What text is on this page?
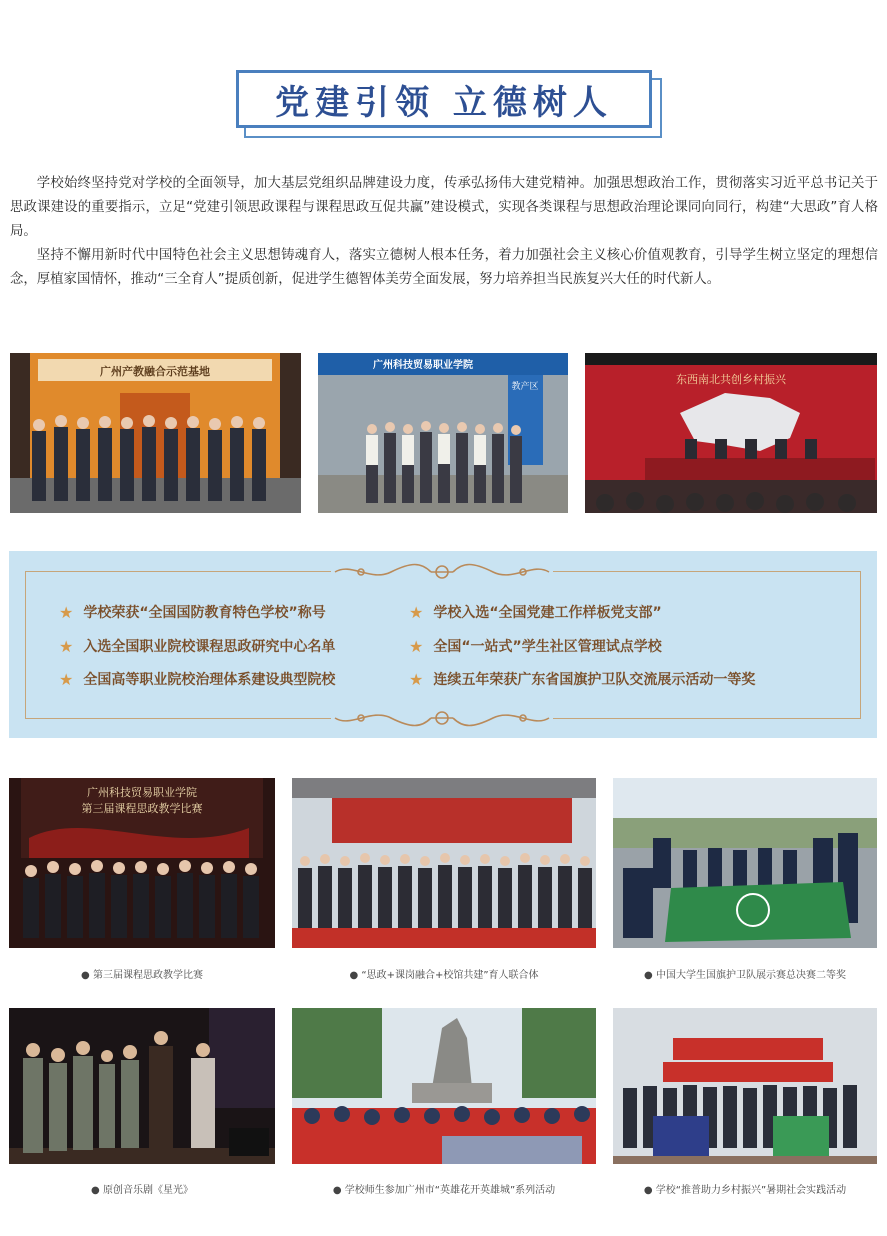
党建引领 立德树人

学校始终坚持党对学校的全面领导，加大基层党组织品牌建设力度，传承弘扬伟大建党精神。加强思想政治工作，贯彻落实习近平总书记关于思政课建设的重要指示，立足“党建引领思政课程与课程思政互促共赢”建设模式，实现各类课程与思想政治理论课同向同行，构建“大思政”育人格局。

坚持不懈用新时代中国特色社会主义思想铸魂育人，落实立德树人根本任务，着力加强社会主义核心价值观教育，引导学生树立坚定的理想信念，厚植家国情怀，推动“三全育人”提质创新，促进学生德智体美劳全面发展，努力培养担当民族复兴大任的时代新人。

广州产教融合示范基地	广州科技贸易职业学院
教产区
东西南北共创乡村振兴
★ 学校荣获“全国国防教育特色学校”称号
★ 入选全国职业院校课程思政研究中心名单
★ 全国高等职业院校治理体系建设典型院校
★ 学校入选“全国党建工作样板党支部”
★ 全国“一站式”学生社区管理试点学校
★ 连续五年荣获广东省国旗护卫队交流展示活动一等奖
广州科技贸易职业学院
第三届课程思政教学比赛
● 第三届课程思政教学比赛	● “思政+课岗融合+校馆共建”育人联合体	● 中国大学生国旗护卫队展示赛总决赛二等奖
● 原创音乐剧《星光》	● 学校师生参加广州市“英雄花开英雄城”系列活动	● 学校“推普助力乡村振兴”暑期社会实践活动
